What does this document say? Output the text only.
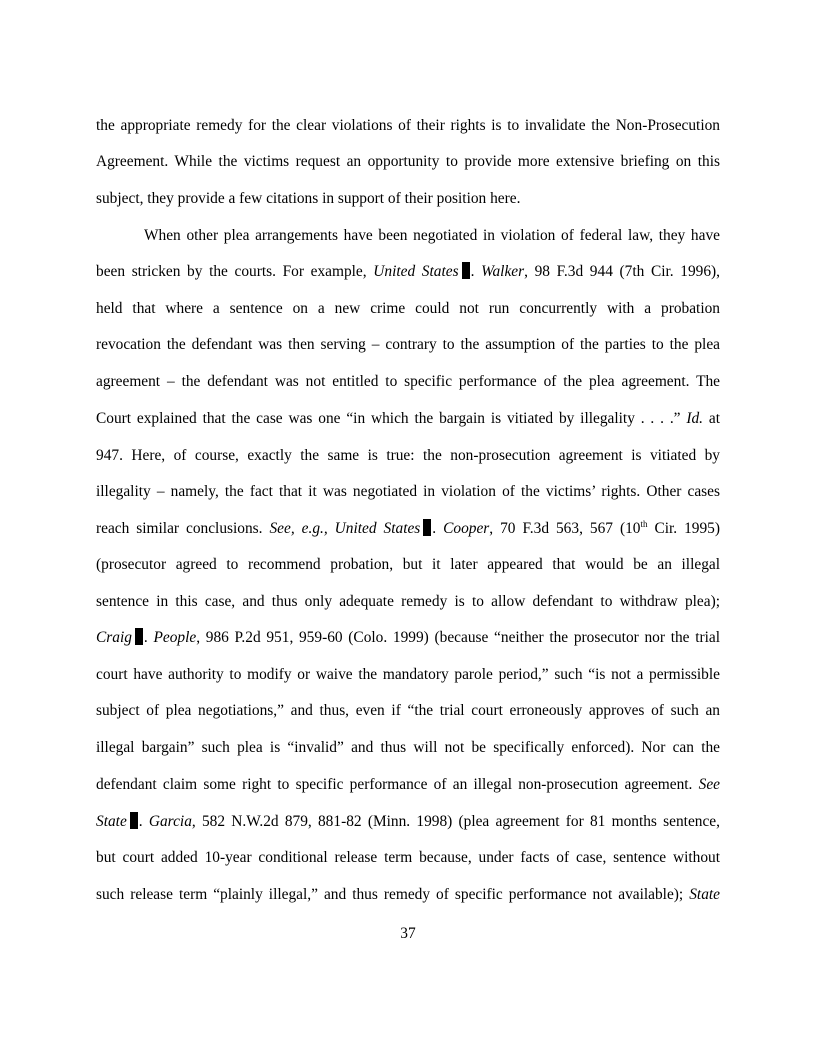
the appropriate remedy for the clear violations of their rights is to invalidate the Non-Prosecution
Agreement. While the victims request an opportunity to provide more extensive briefing on this
subject, they provide a few citations in support of their position here.
When other plea arrangements have been negotiated in violation of federal law, they have
been stricken by the courts. For example, United States . Walker, 98 F.3d 944 (7th Cir. 1996),
held that where a sentence on a new crime could not run concurrently with a probation
revocation the defendant was then serving – contrary to the assumption of the parties to the plea
agreement – the defendant was not entitled to specific performance of the plea agreement. The
Court explained that the case was one “in which the bargain is vitiated by illegality . . . .” Id. at
947. Here, of course, exactly the same is true: the non-prosecution agreement is vitiated by
illegality – namely, the fact that it was negotiated in violation of the victims’ rights. Other cases
reach similar conclusions. See, e.g., United States . Cooper, 70 F.3d 563, 567 (10th Cir. 1995)
(prosecutor agreed to recommend probation, but it later appeared that would be an illegal
sentence in this case, and thus only adequate remedy is to allow defendant to withdraw plea);
Craig . People, 986 P.2d 951, 959-60 (Colo. 1999) (because “neither the prosecutor nor the trial
court have authority to modify or waive the mandatory parole period,” such “is not a permissible
subject of plea negotiations,” and thus, even if “the trial court erroneously approves of such an
illegal bargain” such plea is “invalid” and thus will not be specifically enforced). Nor can the
defendant claim some right to specific performance of an illegal non-prosecution agreement. See
State . Garcia, 582 N.W.2d 879, 881-82 (Minn. 1998) (plea agreement for 81 months sentence,
but court added 10-year conditional release term because, under facts of case, sentence without
such release term “plainly illegal,” and thus remedy of specific performance not available); State
37
